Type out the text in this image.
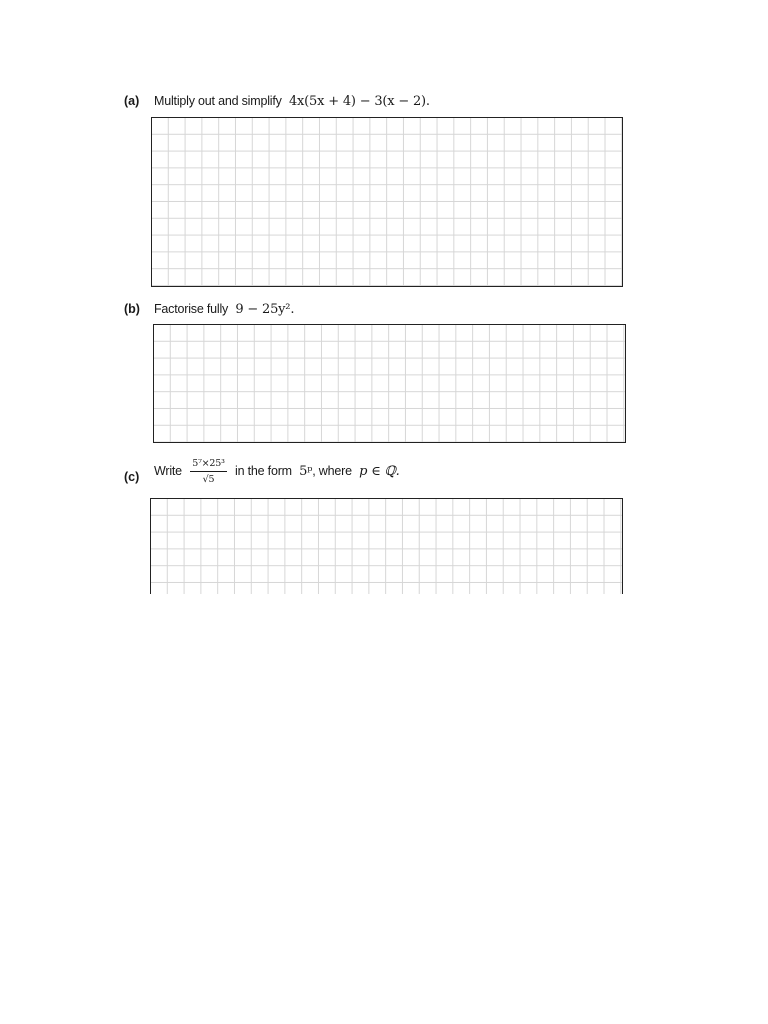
(a) Multiply out and simplify 4x(5x + 4) − 3(x − 2).
(b) Factorise fully 9 − 25y².
(c) Write $\frac{\text{5⁷×25³}}{√5}$ in the form 5ᵖ, where p ∈ ℚ.
